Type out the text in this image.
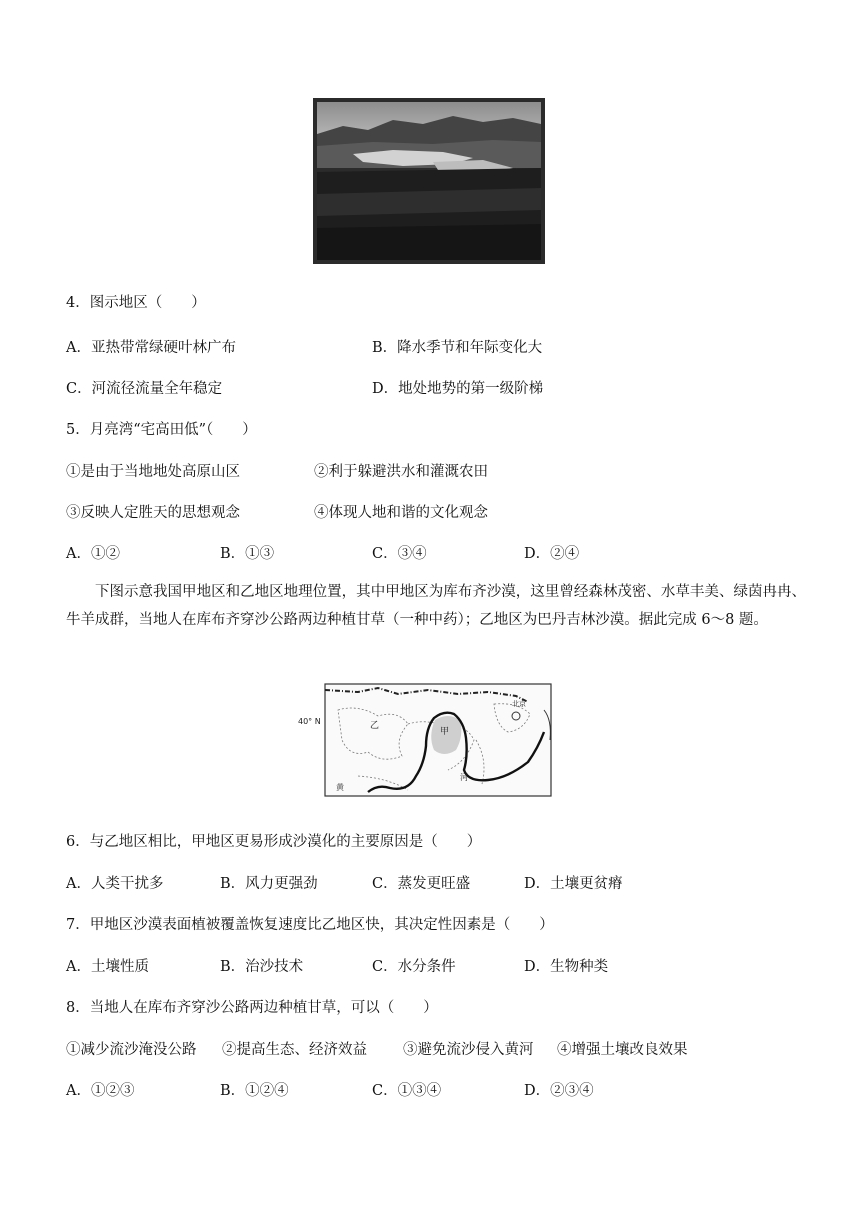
4．图示地区（　　）
A．亚热带常绿硬叶林广布	B．降水季节和年际变化大
C．河流径流量全年稳定	D．地处地势的第一级阶梯
5．月亮湾“宅高田低”（　　）
①是由于当地地处高原山区	②利于躲避洪水和灌溉农田
③反映人定胜天的思想观念	④体现人地和谐的文化观念
A．①②	B．①③	C．③④	D．②④
下图示意我国甲地区和乙地区地理位置，其中甲地区为库布齐沙漠，这里曾经森林茂密、水草丰美、绿茵冉冉、牛羊成群，当地人在库布齐穿沙公路两边种植甘草（一种中药）；乙地区为巴丹吉林沙漠。据此完成 6～8 题。
40° N	乙
甲
河
黄
北京
6．与乙地区相比，甲地区更易形成沙漠化的主要原因是（　　）
A．人类干扰多	B．风力更强劲	C．蒸发更旺盛	D．土壤更贫瘠
7．甲地区沙漠表面植被覆盖恢复速度比乙地区快，其决定性因素是（　　）
A．土壤性质	B．治沙技术	C．水分条件	D．生物种类
8．当地人在库布齐穿沙公路两边种植甘草，可以（　　）
①减少流沙淹没公路 ②提高生态、经济效益 ③避免流沙侵入黄河 ④增强土壤改良效果
A．①②③	B．①②④	C．①③④	D．②③④
